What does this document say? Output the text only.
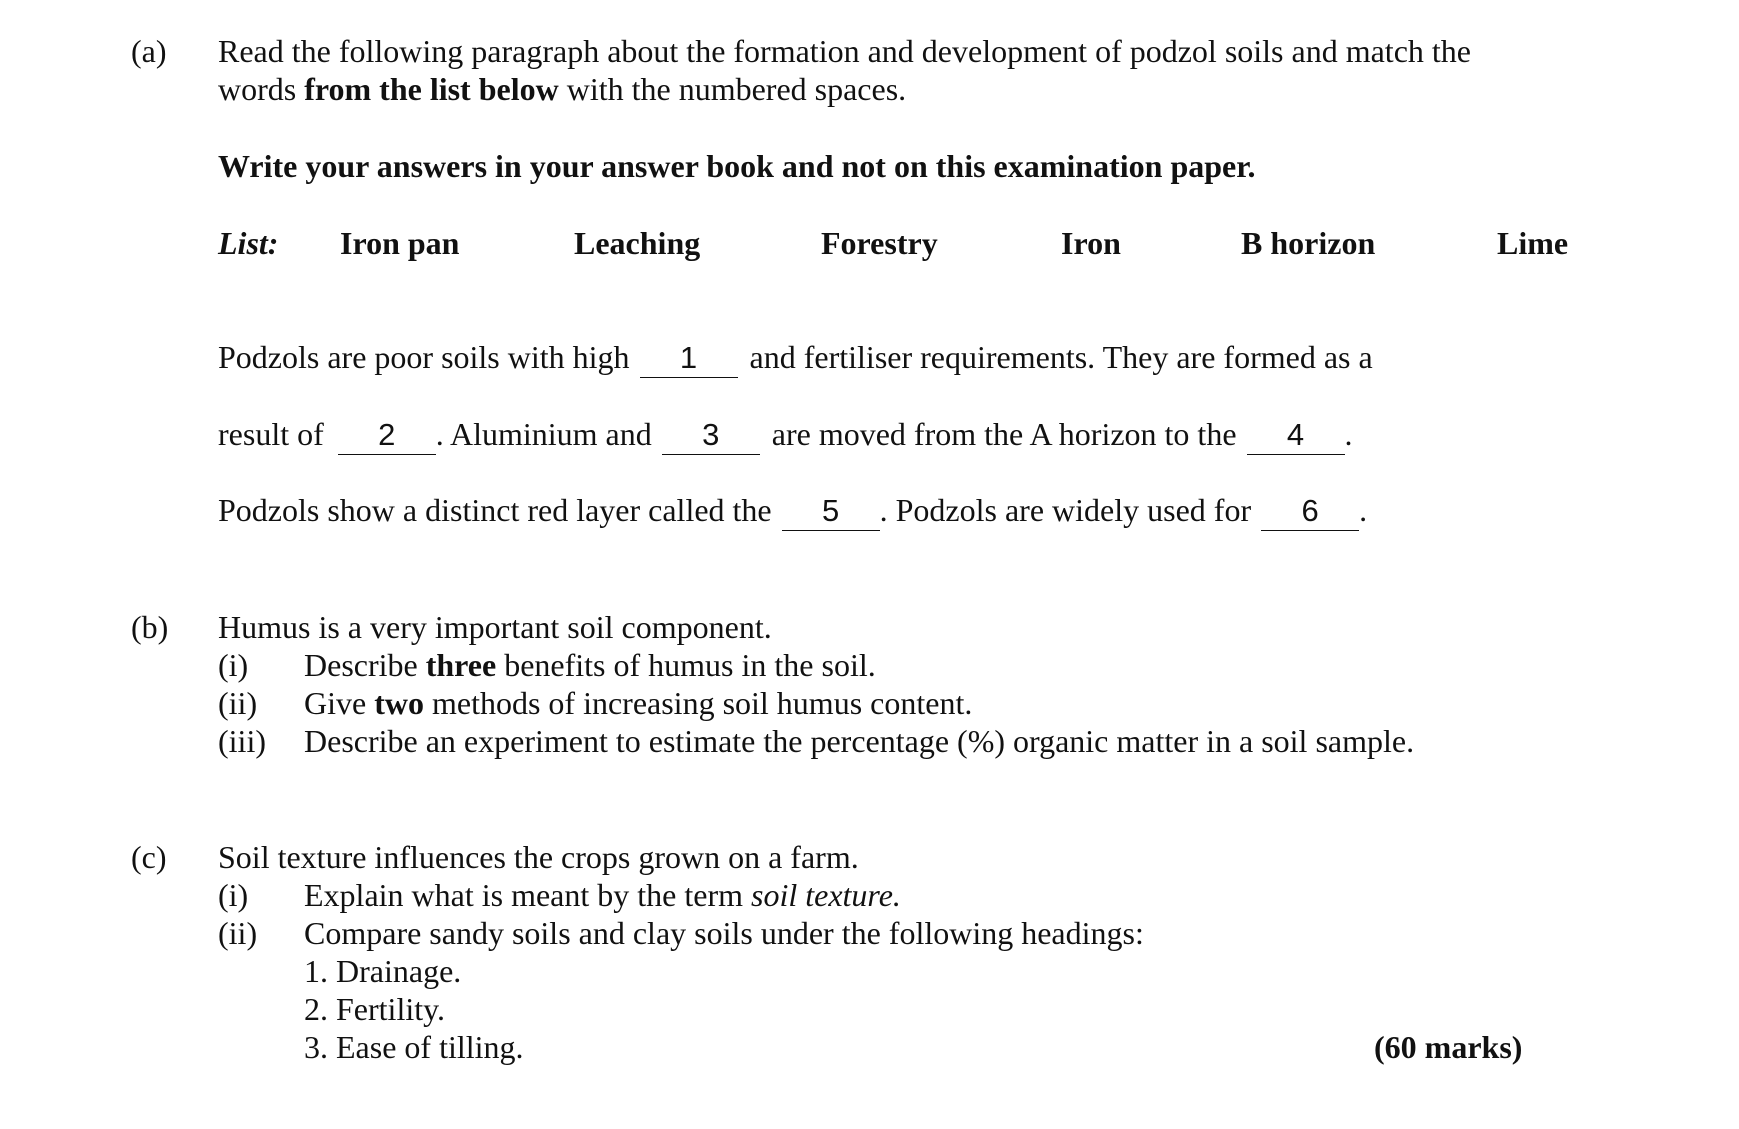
(a) Read the following paragraph about the formation and development of podzol soils and match the
words from the list below with the numbered spaces.
Write your answers in your answer book and not on this examination paper.
List: Iron pan	Leaching	Forestry	Iron	B horizon	Lime
Podzols are poor soils with high 1 and fertiliser requirements. They are formed as a
result of 2 . Aluminium and 3 are moved from the A horizon to the 4 .
Podzols show a distinct red layer called the 5 . Podzols are widely used for 6 .
(b) Humus is a very important soil component.
(i) Describe three benefits of humus in the soil.
(ii) Give two methods of increasing soil humus content.
(iii) Describe an experiment to estimate the percentage (%) organic matter in a soil sample.
(c) Soil texture influences the crops grown on a farm.
(i) Explain what is meant by the term soil texture.
(ii) Compare sandy soils and clay soils under the following headings:
1. Drainage.
2. Fertility.
3. Ease of tilling.	(60 marks)
